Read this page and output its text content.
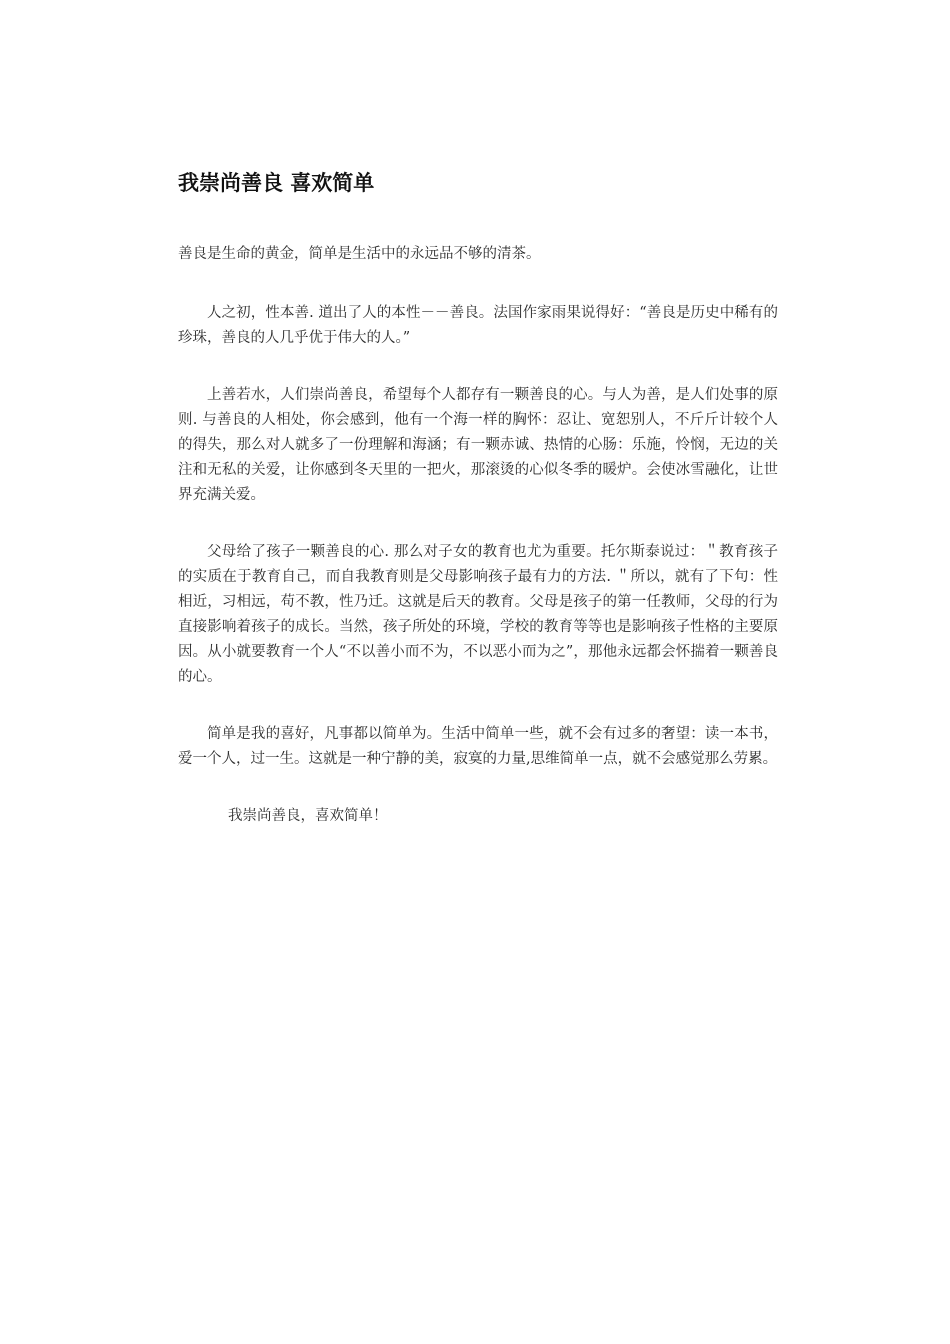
我崇尚善良 喜欢简单

善良是生命的黄金，简单是生活中的永远品不够的清茶。

人之初，性本善. 道出了人的本性－－善良。法国作家雨果说得好：“善良是历史中稀有的珍珠，善良的人几乎优于伟大的人。”

上善若水，人们崇尚善良，希望每个人都存有一颗善良的心。与人为善，是人们处事的原则. 与善良的人相处，你会感到，他有一个海一样的胸怀：忍让、宽恕别人，不斤斤计较个人的得失，那么对人就多了一份理解和海涵；有一颗赤诚、热情的心肠：乐施，怜悯，无边的关注和无私的关爱，让你感到冬天里的一把火，那滚烫的心似冬季的暖炉。会使冰雪融化，让世界充满关爱。

父母给了孩子一颗善良的心. 那么对子女的教育也尤为重要。托尔斯泰说过：＂教育孩子的实质在于教育自己，而自我教育则是父母影响孩子最有力的方法. ＂所以，就有了下句：性相近，习相远，苟不教，性乃迁。这就是后天的教育。父母是孩子的第一任教师，父母的行为直接影响着孩子的成长。当然，孩子所处的环境，学校的教育等等也是影响孩子性格的主要原因。从小就要教育一个人“不以善小而不为，不以恶小而为之”，那他永远都会怀揣着一颗善良的心。

简单是我的喜好，凡事都以简单为。生活中简单一些，就不会有过多的奢望：读一本书，爱一个人，过一生。这就是一种宁静的美，寂寞的力量,思维简单一点，就不会感觉那么劳累。

我崇尚善良，喜欢简单！
